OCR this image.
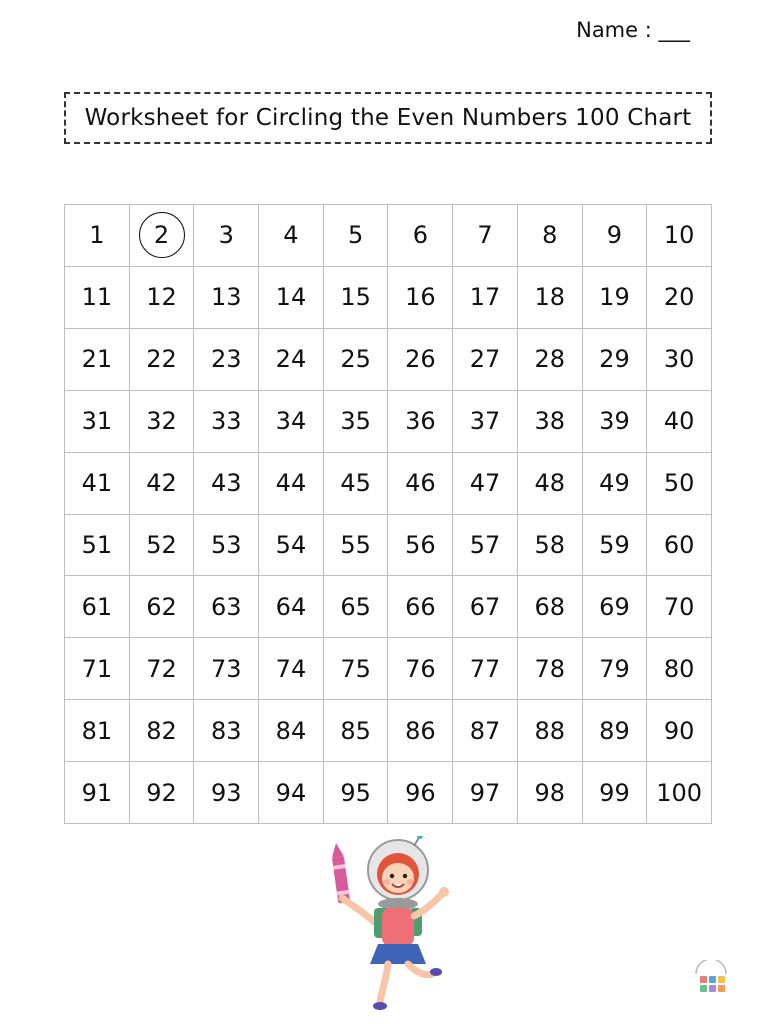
Name : ___
Worksheet for Circling the Even Numbers 100 Chart
1	2	3 4 5 6 7 8 9 10
11 12 13 14 15 16 17 18 19 20
21 22 23 24 25 26 27 28 29 30
31 32 33 34 35 36 37 38 39 40
41 42 43 44 45 46 47 48 49 50
51 52 53 54 55 56 57 58 59 60
61 62 63 64 65 66 67 68 69 70
71 72 73 74 75 76 77 78 79 80
81 82 83 84 85 86 87 88 89 90
91 92 93 94 95 96 97 98 99 100
